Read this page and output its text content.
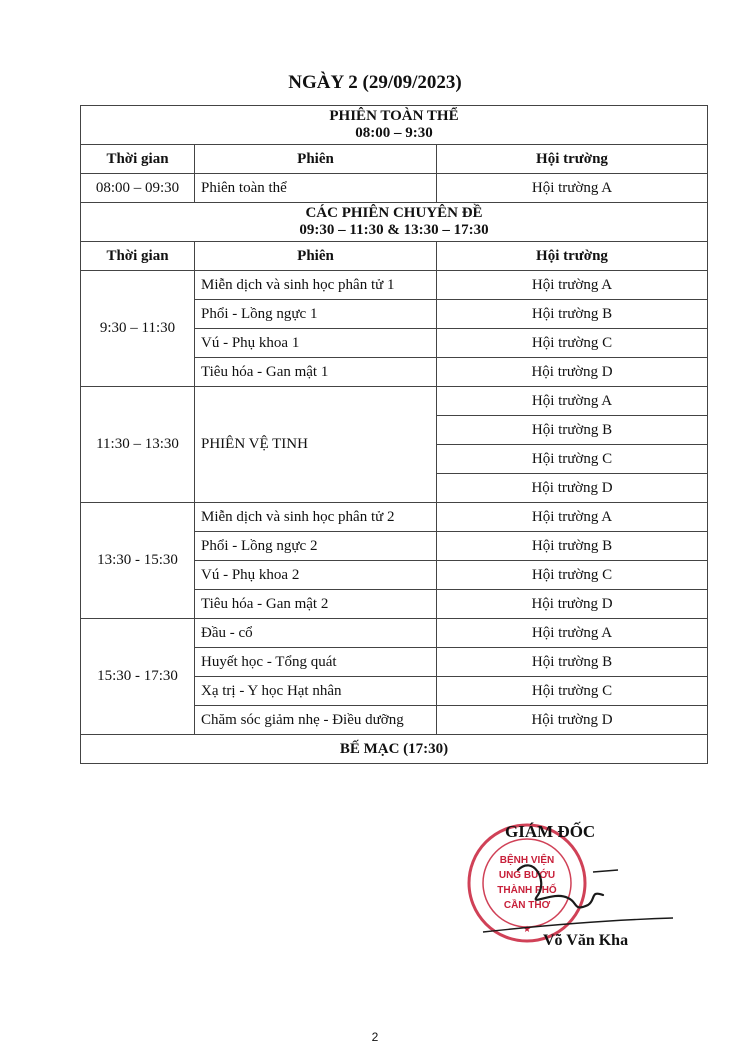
NGÀY 2 (29/09/2023)
PHIÊN TOÀN THỂ
08:00 – 9:30		

Thời gian	Phiên	Hội trường
08:00 – 09:30	Phiên toàn thể	Hội trường A

CÁC PHIÊN CHUYÊN ĐỀ
09:30 – 11:30 & 13:30 – 17:30		

Thời gian	Phiên	Hội trường
9:30 – 11:30	Miễn dịch và sinh học phân tử 1	Hội trường A
	Phổi - Lồng ngực 1	Hội trường B
	Vú - Phụ khoa 1	Hội trường C
	Tiêu hóa - Gan mật 1	Hội trường D
11:30 – 13:30	PHIÊN VỆ TINH	Hội trường A
		Hội trường B
		Hội trường C
		Hội trường D
13:30 - 15:30	Miễn dịch và sinh học phân tử 2	Hội trường A
	Phổi - Lồng ngực 2	Hội trường B
	Vú - Phụ khoa 2	Hội trường C
	Tiêu hóa - Gan mật 2	Hội trường D
15:30 - 17:30	Đầu - cổ	Hội trường A
	Huyết học - Tổng quát	Hội trường B
	Xạ trị - Y học Hạt nhân	Hội trường C
	Chăm sóc giảm nhẹ - Điều dưỡng	Hội trường D
BẾ MẠC (17:30)		
BỆNH VIỆN
UNG BƯỚU
THÀNH PHỐ
CẦN THƠ
★
GIÁM ĐỐC
Võ Văn Kha
2
